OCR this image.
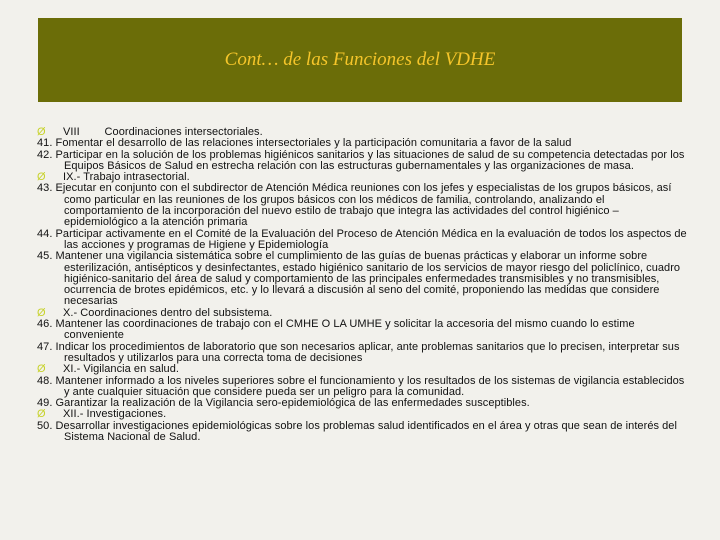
Cont… de las Funciones del VDHE
Ø	VIII        Coordinaciones intersectoriales.
41. Fomentar el desarrollo de las relaciones intersectoriales y la participación comunitaria a favor de la salud
42. Participar en la solución de los problemas higiénicos sanitarios y las situaciones de salud de su competencia detectadas por los Equipos Básicos de Salud en estrecha relación con las estructuras gubernamentales y las organizaciones de masa.
Ø	IX.- Trabajo intrasectorial.
43. Ejecutar en conjunto con el subdirector de Atención Médica reuniones con los jefes y especialistas de los grupos básicos, así como particular en las reuniones de los grupos básicos con los médicos de familia, controlando, analizando el comportamiento de la incorporación del nuevo estilo de trabajo que integra las actividades del control higiénico – epidemiológico a la atención primaria
44. Participar activamente en el Comité de la Evaluación del Proceso de Atención Médica en la evaluación de todos los aspectos de las acciones y programas de Higiene y Epidemiología
45. Mantener una vigilancia sistemática sobre el cumplimiento de las guías de buenas prácticas y elaborar un informe sobre esterilización, antisépticos y desinfectantes, estado higiénico sanitario de los servicios de mayor riesgo del policlínico, cuadro higiénico-sanitario del área de salud y comportamiento de las principales enfermedades transmisibles y no transmisibles, ocurrencia de brotes epidémicos, etc. y lo llevará a discusión al seno del comité, proponiendo las medidas que considere necesarias
Ø	X.- Coordinaciones dentro del subsistema.
46. Mantener las coordinaciones de trabajo con el CMHE O LA UMHE y solicitar la accesoria del mismo cuando lo estime conveniente
47. Indicar los procedimientos de laboratorio que son necesarios aplicar, ante problemas sanitarios que lo precisen, interpretar sus resultados y utilizarlos para una correcta toma de decisiones
Ø	XI.- Vigilancia en salud.
48. Mantener informado a los niveles superiores sobre el funcionamiento y los resultados de los sistemas de vigilancia establecidos y ante cualquier situación que considere pueda ser un peligro para la comunidad.
49. Garantizar la realización de la Vigilancia sero-epidemiológica de las enfermedades susceptibles.
Ø	XII.- Investigaciones.
50. Desarrollar investigaciones epidemiológicas sobre los problemas salud identificados en el área y otras que sean de interés del Sistema Nacional de Salud.
